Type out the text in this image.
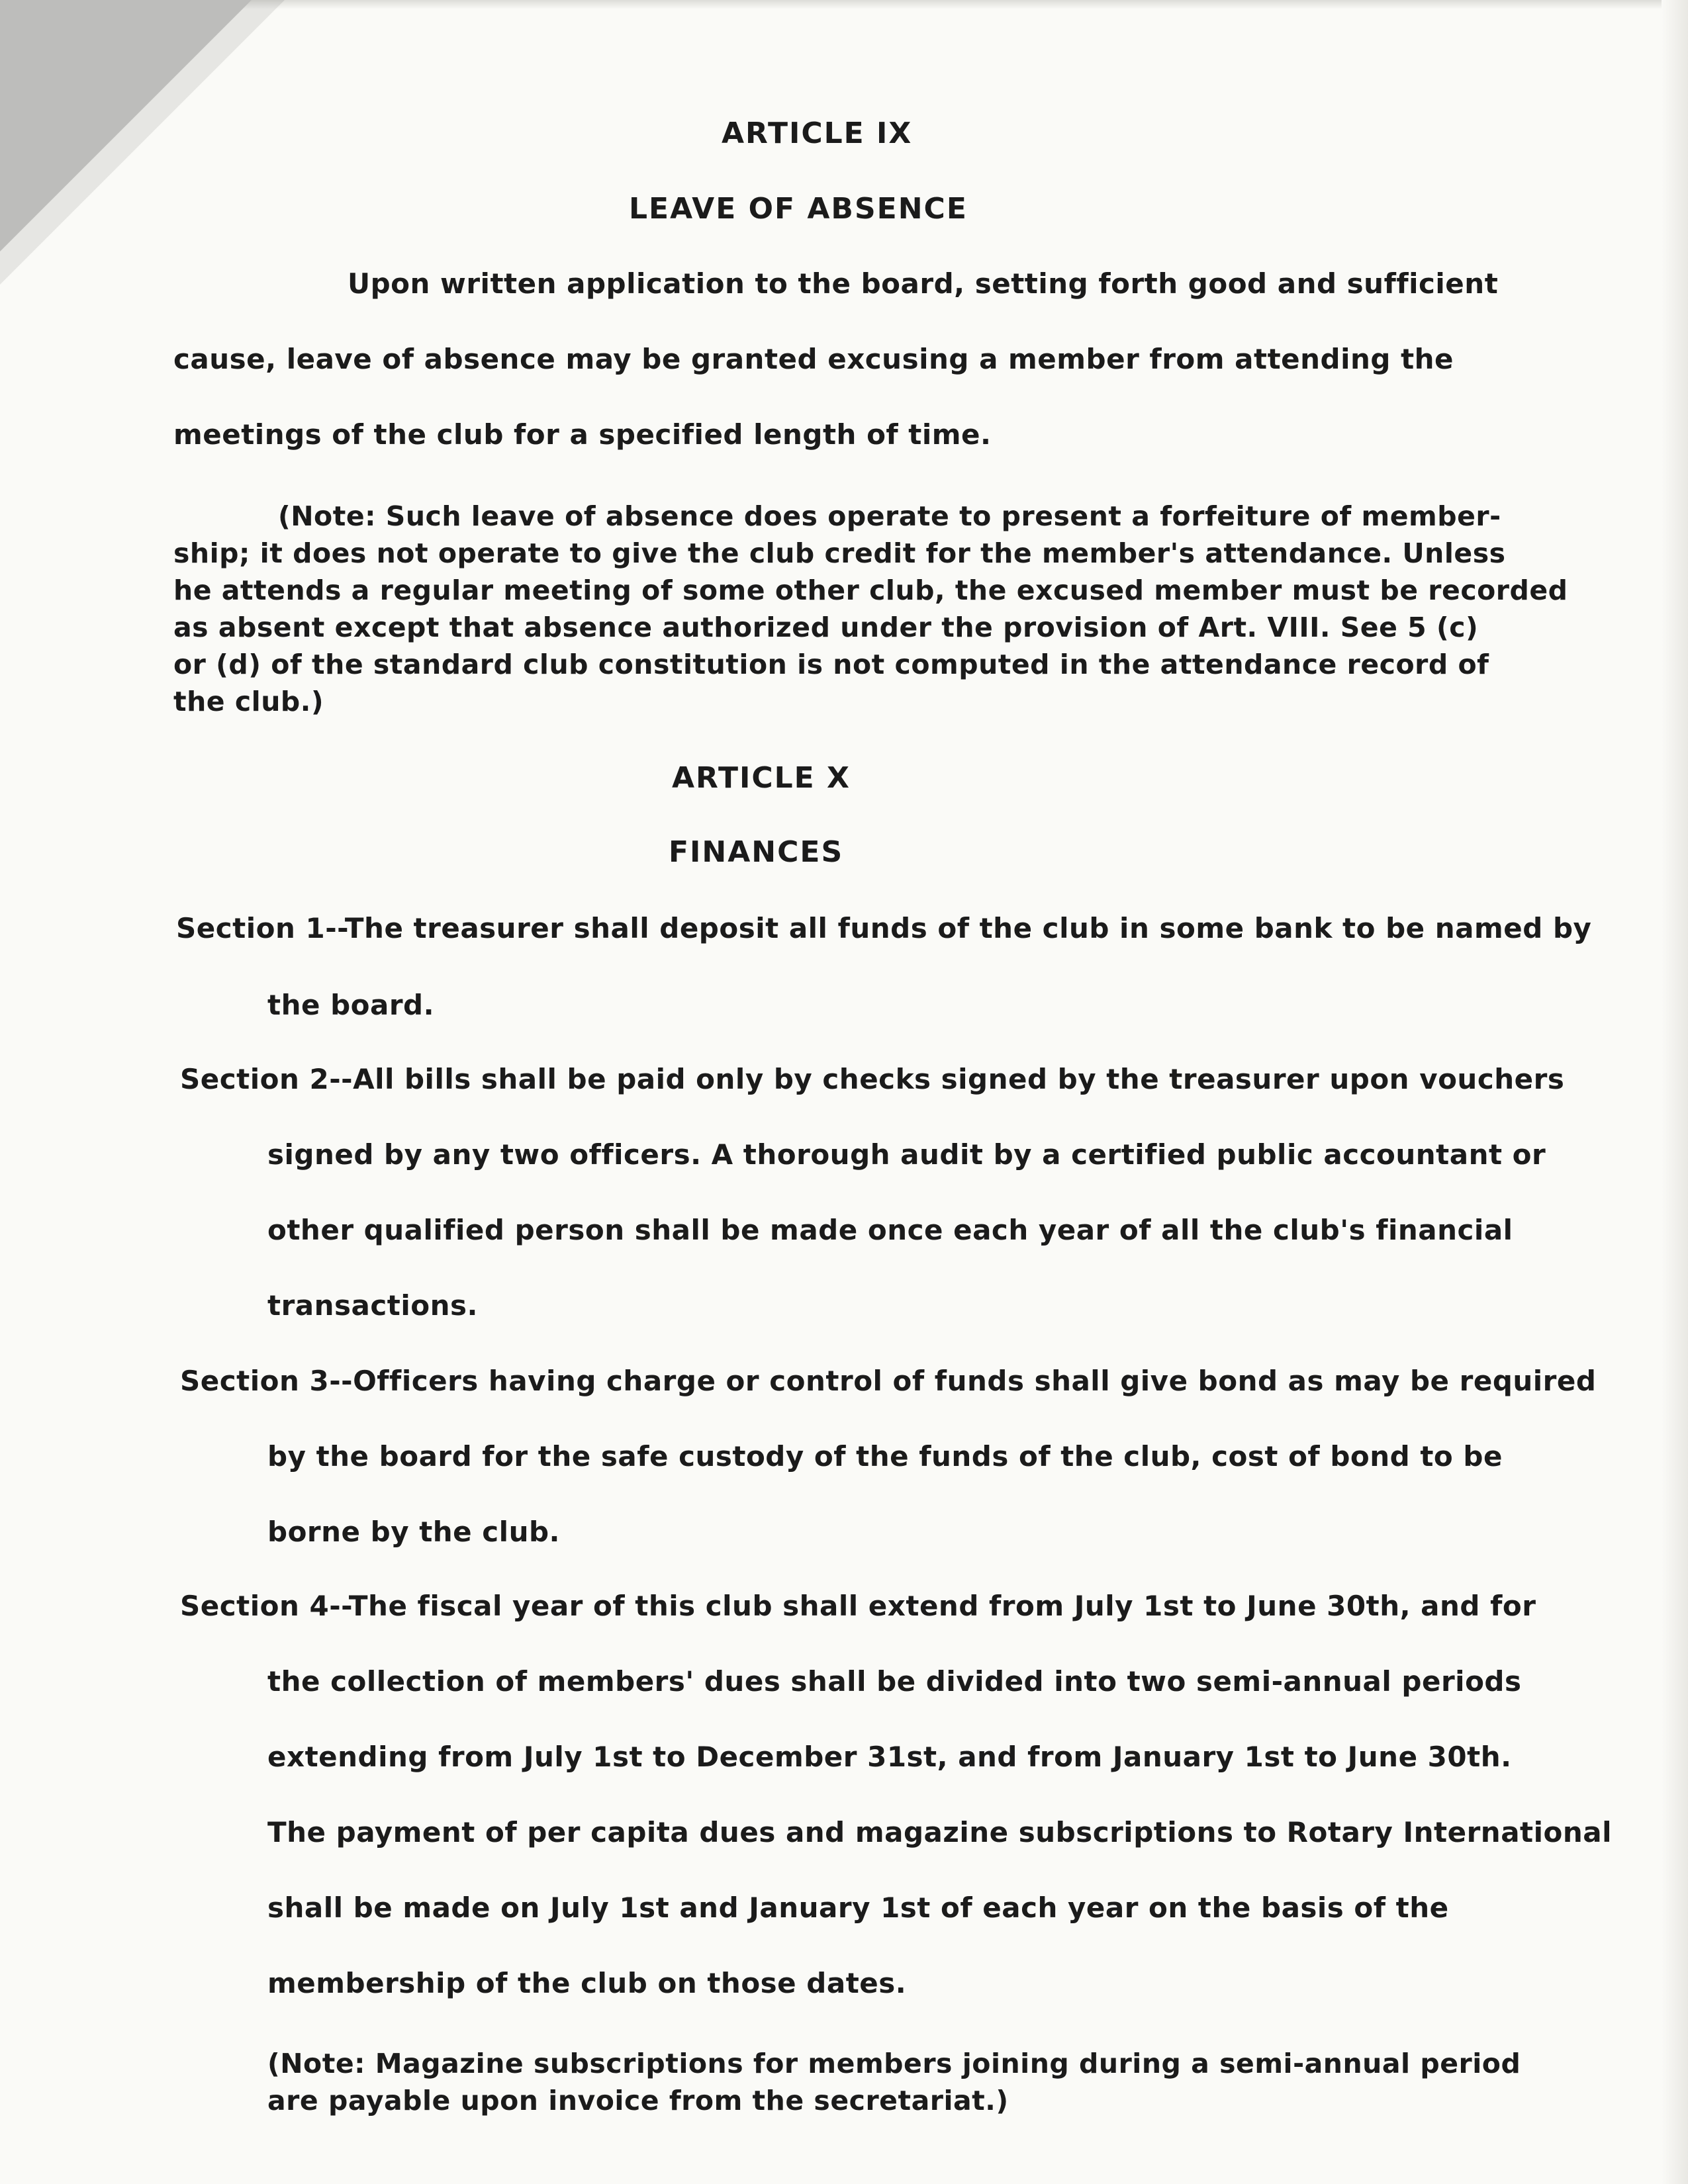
ARTICLE IX
LEAVE OF ABSENCE
Upon written application to the board, setting forth good and sufficient
cause, leave of absence may be granted excusing a member from attending the
meetings of the club for a specified length of time.
(Note: Such leave of absence does operate to present a forfeiture of member-
ship; it does not operate to give the club credit for the member's attendance. Unless
he attends a regular meeting of some other club, the excused member must be recorded
as absent except that absence authorized under the provision of Art. VIII. See 5 (c)
or (d) of the standard club constitution is not computed in the attendance record of
the club.)
ARTICLE X
FINANCES
Section 1--The treasurer shall deposit all funds of the club in some bank to be named by
the board.
Section 2--All bills shall be paid only by checks signed by the treasurer upon vouchers
signed by any two officers. A thorough audit by a certified public accountant or
other qualified person shall be made once each year of all the club's financial
transactions.
Section 3--Officers having charge or control of funds shall give bond as may be required
by the board for the safe custody of the funds of the club, cost of bond to be
borne by the club.
Section 4--The fiscal year of this club shall extend from July 1st to June 30th, and for
the collection of members' dues shall be divided into two semi-annual periods
extending from July 1st to December 31st, and from January 1st to June 30th.
The payment of per capita dues and magazine subscriptions to Rotary International
shall be made on July 1st and January 1st of each year on the basis of the
membership of the club on those dates.
(Note: Magazine subscriptions for members joining during a semi-annual period
are payable upon invoice from the secretariat.)
